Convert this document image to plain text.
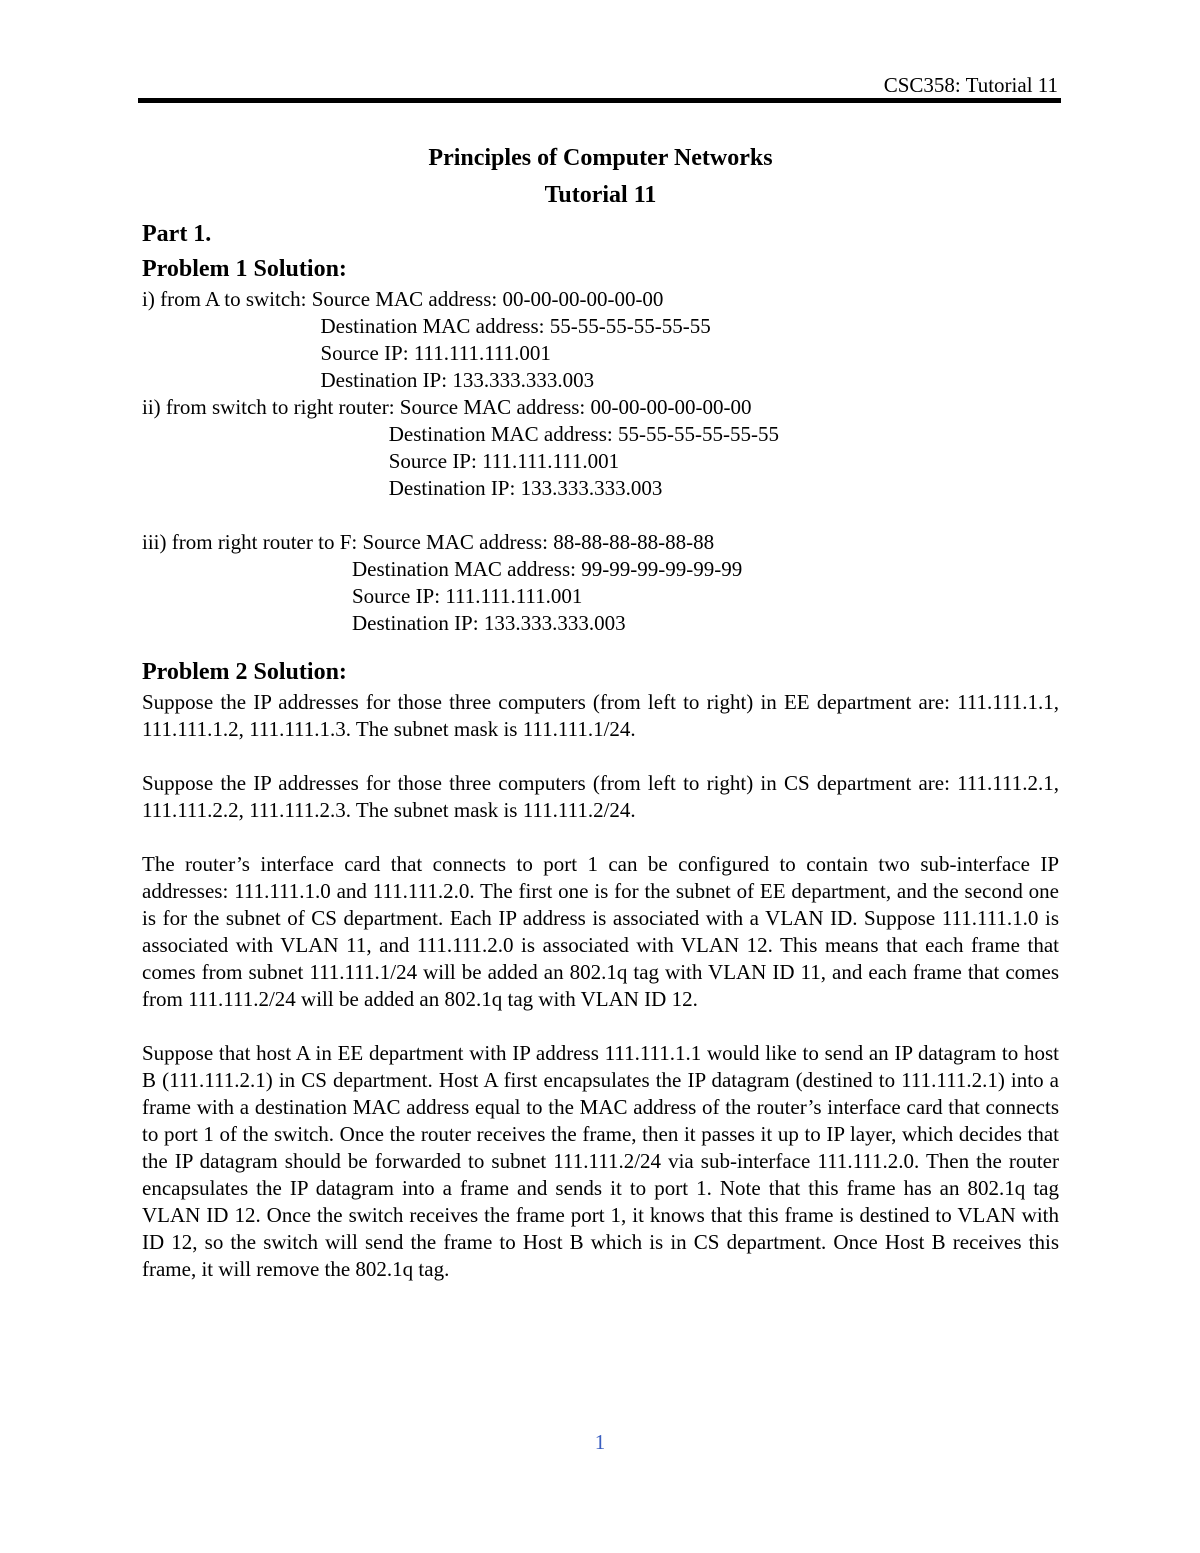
CSC358: Tutorial 11

Principles of Computer Networks

Tutorial 11

Part 1.

Problem 1 Solution:

i) from A to switch: Source MAC address: 00-00-00-00-00-00

Destination MAC address: 55-55-55-55-55-55

Source IP: 111.111.111.001

Destination IP: 133.333.333.003

ii) from switch to right router: Source MAC address: 00-00-00-00-00-00

Destination MAC address: 55-55-55-55-55-55

Source IP: 111.111.111.001

Destination IP: 133.333.333.003

iii) from right router to F: Source MAC address: 88-88-88-88-88-88

Destination MAC address: 99-99-99-99-99-99

Source IP: 111.111.111.001

Destination IP: 133.333.333.003

Problem 2 Solution:

Suppose the IP addresses for those three computers (from left to right) in EE department are: 111.111.1.1, 111.111.1.2, 111.111.1.3. The subnet mask is 111.111.1/24.

Suppose the IP addresses for those three computers (from left to right) in CS department are: 111.111.2.1, 111.111.2.2, 111.111.2.3. The subnet mask is 111.111.2/24.

The router’s interface card that connects to port 1 can be configured to contain two sub-interface IP addresses: 111.111.1.0 and 111.111.2.0. The first one is for the subnet of EE department, and the second one is for the subnet of CS department. Each IP address is associated with a VLAN ID. Suppose 111.111.1.0 is associated with VLAN 11, and 111.111.2.0 is associated with VLAN 12. This means that each frame that comes from subnet 111.111.1/24 will be added an 802.1q tag with VLAN ID 11, and each frame that comes from 111.111.2/24 will be added an 802.1q tag with VLAN ID 12.

Suppose that host A in EE department with IP address 111.111.1.1 would like to send an IP datagram to host B (111.111.2.1) in CS department. Host A first encapsulates the IP datagram (destined to 111.111.2.1) into a frame with a destination MAC address equal to the MAC address of the router’s interface card that connects to port 1 of the switch. Once the router receives the frame, then it passes it up to IP layer, which decides that the IP datagram should be forwarded to subnet 111.111.2/24 via sub-interface 111.111.2.0. Then the router encapsulates the IP datagram into a frame and sends it to port 1. Note that this frame has an 802.1q tag VLAN ID 12. Once the switch receives the frame port 1, it knows that this frame is destined to VLAN with ID 12, so the switch will send the frame to Host B which is in CS department. Once Host B receives this frame, it will remove the 802.1q tag.

1
